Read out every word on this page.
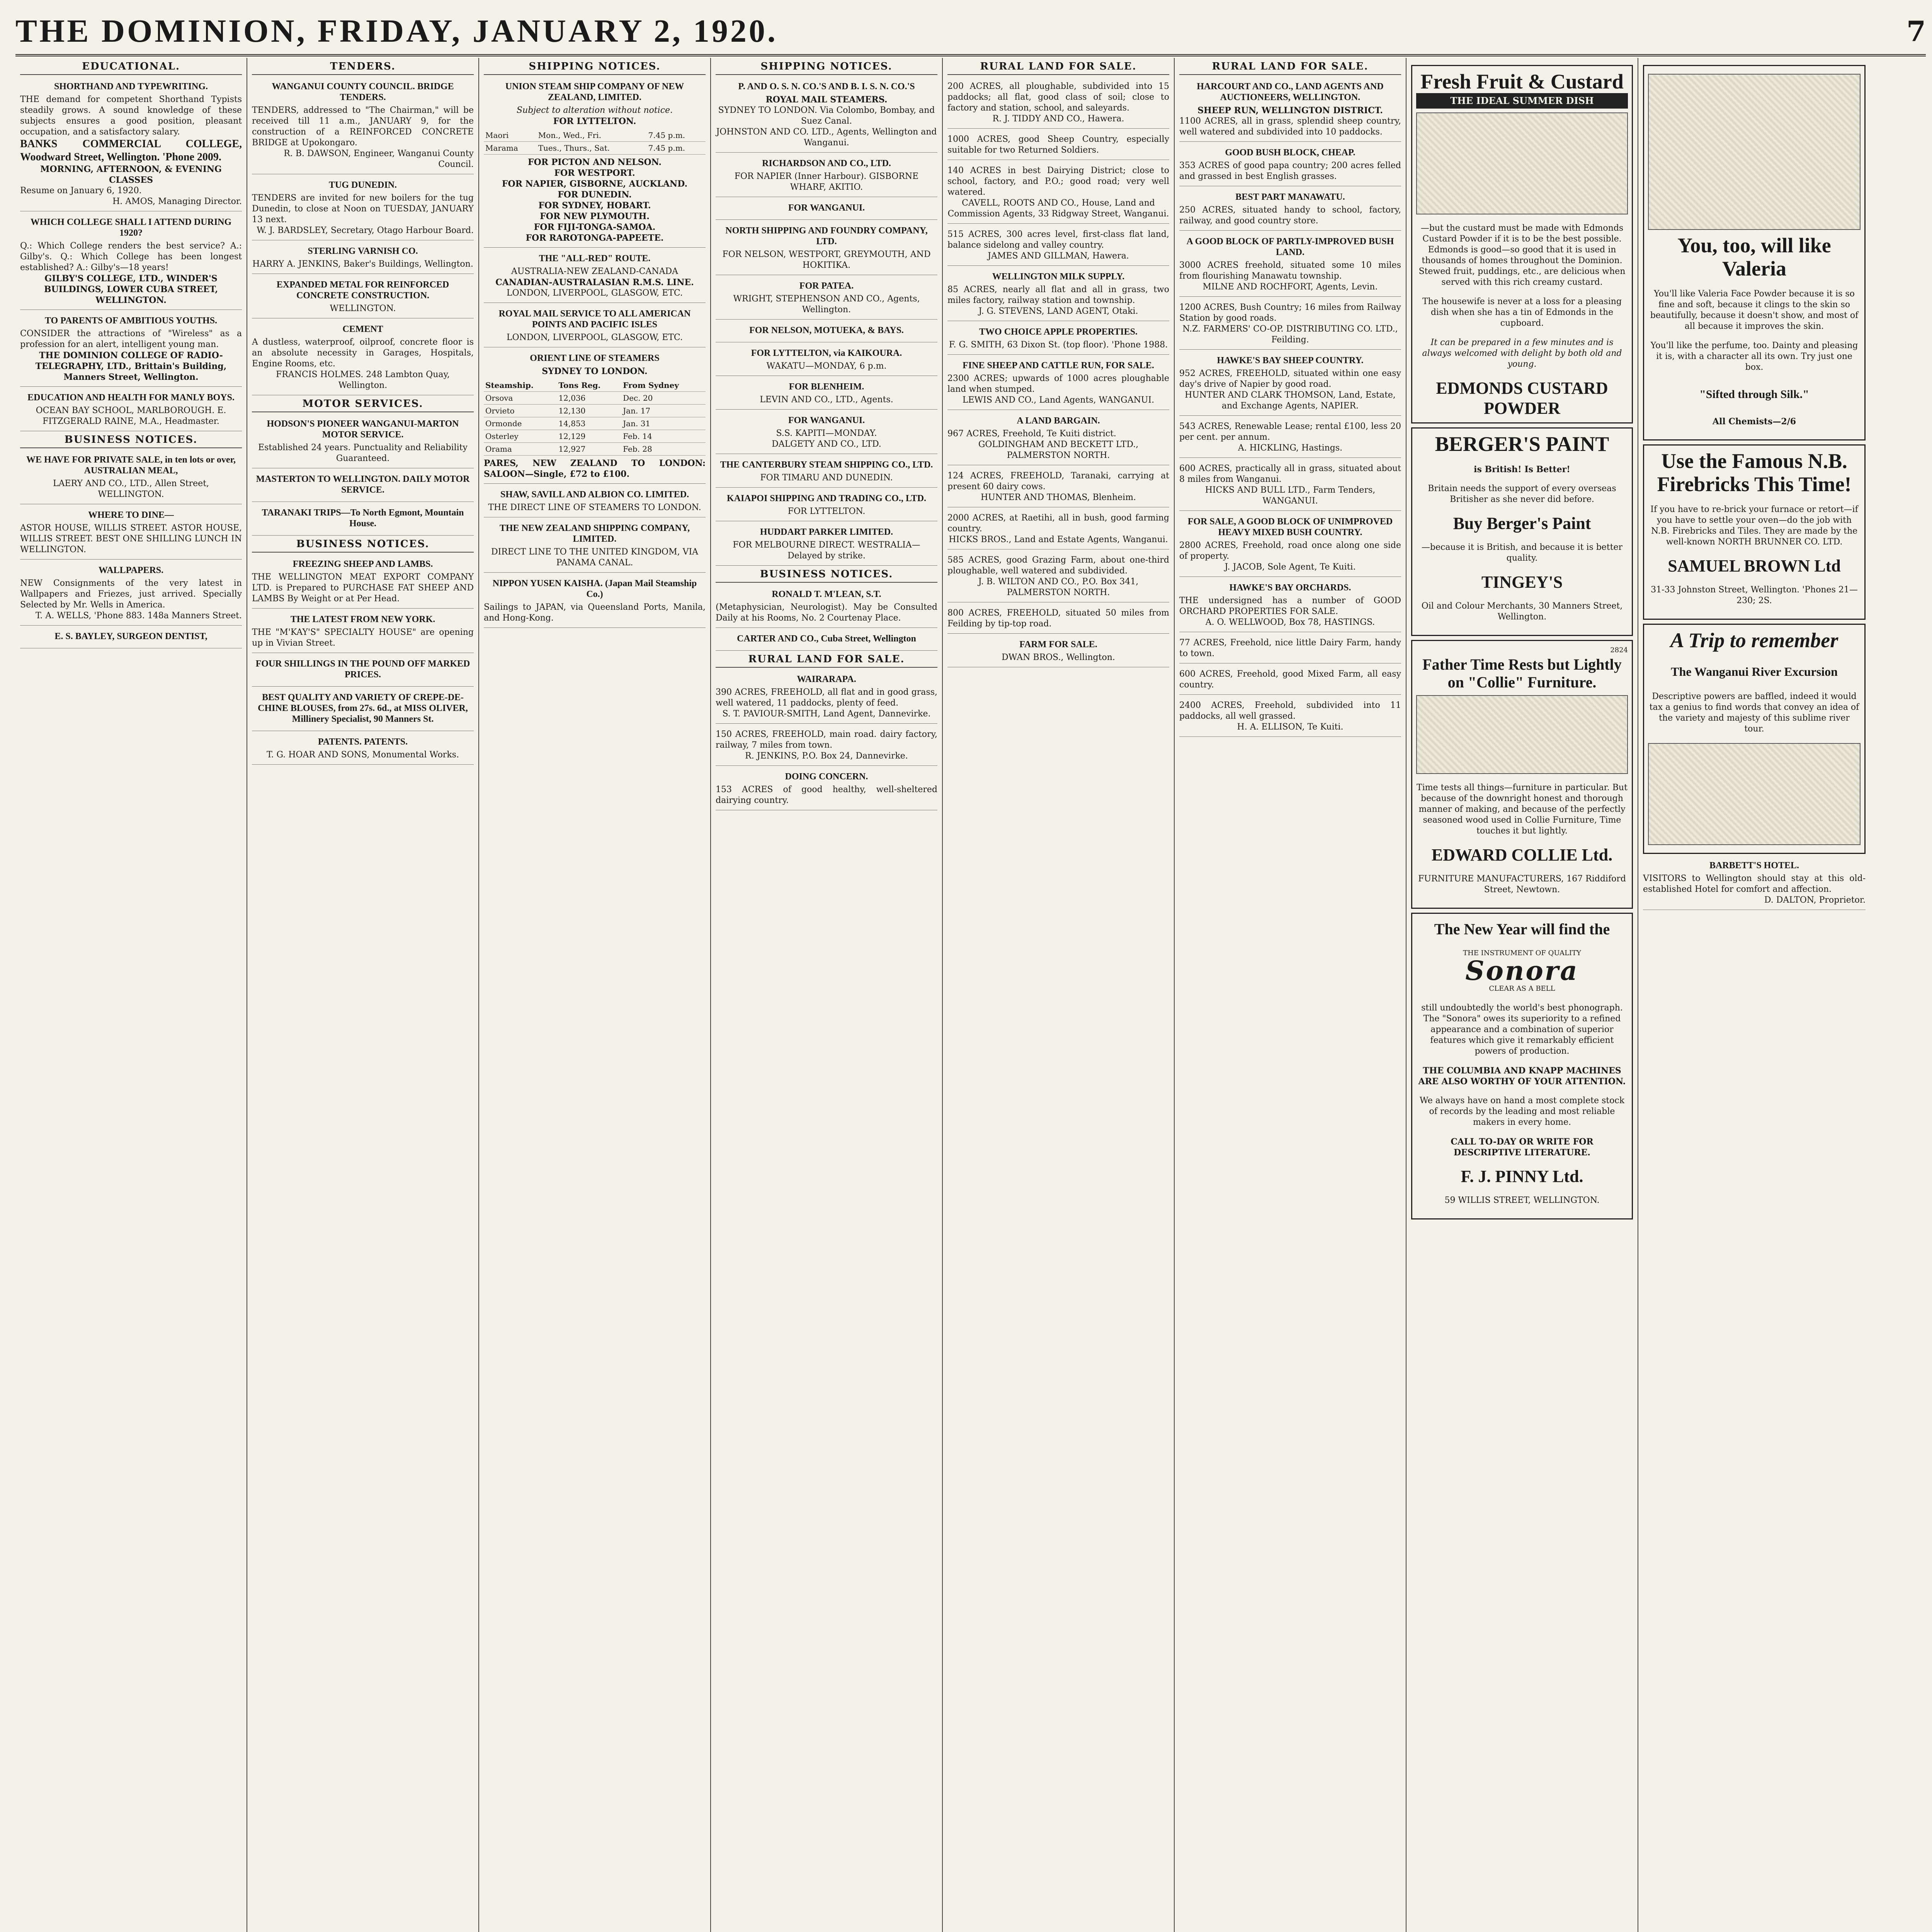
THE DOMINION, FRIDAY, JANUARY 2, 1920.	7
EDUCATIONAL.
SHORTHAND AND TYPEWRITING.

THE demand for competent Shorthand Typists steadily grows. A sound knowledge of these subjects ensures a good position, pleasant occupation, and a satisfactory salary.

BANKS COMMERCIAL COLLEGE, Woodward Street, Wellington. 'Phone 2009.

MORNING, AFTERNOON, & EVENING CLASSES

Resume on January 6, 1920.

H. AMOS, Managing Director.

WHICH COLLEGE SHALL I ATTEND DURING 1920?

Q.: Which College renders the best service? A.: Gilby's. Q.: Which College has been longest established? A.: Gilby's—18 years!

GILBY'S COLLEGE, LTD., WINDER'S BUILDINGS, LOWER CUBA STREET, WELLINGTON.

TO PARENTS OF AMBITIOUS YOUTHS.

CONSIDER the attractions of "Wireless" as a profession for an alert, intelligent young man.

THE DOMINION COLLEGE OF RADIO-TELEGRAPHY, LTD., Brittain's Building, Manners Street, Wellington.

EDUCATION AND HEALTH FOR MANLY BOYS.

OCEAN BAY SCHOOL, MARLBOROUGH. E. FITZGERALD RAINE, M.A., Headmaster.

BUSINESS NOTICES.
WE HAVE FOR PRIVATE SALE, in ten lots or over, AUSTRALIAN MEAL,

LAERY AND CO., LTD., Allen Street, WELLINGTON.

WHERE TO DINE—

ASTOR HOUSE, WILLIS STREET. ASTOR HOUSE, WILLIS STREET. BEST ONE SHILLING LUNCH IN WELLINGTON.

WALLPAPERS.

NEW Consignments of the very latest in Wallpapers and Friezes, just arrived. Specially Selected by Mr. Wells in America.

T. A. WELLS, 'Phone 883. 148a Manners Street.

E. S. BAYLEY, SURGEON DENTIST,
TENDERS.
WANGANUI COUNTY COUNCIL. BRIDGE TENDERS.

TENDERS, addressed to "The Chairman," will be received till 11 a.m., JANUARY 9, for the construction of a REINFORCED CONCRETE BRIDGE at Upokongaro.

R. B. DAWSON, Engineer, Wanganui County Council.

TUG DUNEDIN.

TENDERS are invited for new boilers for the tug Dunedin, to close at Noon on TUESDAY, JANUARY 13 next.

W. J. BARDSLEY, Secretary, Otago Harbour Board.

STERLING VARNISH CO.

HARRY A. JENKINS, Baker's Buildings, Wellington.

EXPANDED METAL FOR REINFORCED CONCRETE CONSTRUCTION.

WELLINGTON.

CEMENT

A dustless, waterproof, oilproof, concrete floor is an absolute necessity in Garages, Hospitals, Engine Rooms, etc.

FRANCIS HOLMES. 248 Lambton Quay, Wellington.

MOTOR SERVICES.
HODSON'S PIONEER WANGANUI-MARTON MOTOR SERVICE.

Established 24 years. Punctuality and Reliability Guaranteed.

MASTERTON TO WELLINGTON. DAILY MOTOR SERVICE.
TARANAKI TRIPS—To North Egmont, Mountain House.
BUSINESS NOTICES.
FREEZING SHEEP AND LAMBS.

THE WELLINGTON MEAT EXPORT COMPANY LTD. is Prepared to PURCHASE FAT SHEEP AND LAMBS By Weight or at Per Head.

THE LATEST FROM NEW YORK.

THE "M'KAY'S" SPECIALTY HOUSE" are opening up in Vivian Street.

FOUR SHILLINGS IN THE POUND OFF MARKED PRICES.
BEST QUALITY AND VARIETY OF CREPE-DE-CHINE BLOUSES, from 27s. 6d., at MISS OLIVER, Millinery Specialist, 90 Manners St.
PATENTS. PATENTS.

T. G. HOAR AND SONS, Monumental Works.

SHIPPING NOTICES.
UNION STEAM SHIP COMPANY OF NEW ZEALAND, LIMITED.

Subject to alteration without notice.

FOR LYTTELTON.

Maori	Mon., Wed., Fri.	7.45 p.m.
Marama	Tues., Thurs., Sat.	7.45 p.m.

FOR PICTON AND NELSON.

FOR WESTPORT.

FOR NAPIER, GISBORNE, AUCKLAND.

FOR DUNEDIN.

FOR SYDNEY, HOBART.

FOR NEW PLYMOUTH.

FOR FIJI-TONGA-SAMOA.

FOR RAROTONGA-PAPEETE.

THE "ALL-RED" ROUTE.

AUSTRALIA-NEW ZEALAND-CANADA

CANADIAN-AUSTRALASIAN R.M.S. LINE.

LONDON, LIVERPOOL, GLASGOW, ETC.

ROYAL MAIL SERVICE TO ALL AMERICAN POINTS AND PACIFIC ISLES

LONDON, LIVERPOOL, GLASGOW, ETC.

ORIENT LINE OF STEAMERS

SYDNEY TO LONDON.

Steamship.	Tons Reg.	From Sydney
Orsova	12,036	Dec. 20
Orvieto	12,130	Jan. 17
Ormonde	14,853	Jan. 31
Osterley	12,129	Feb. 14
Orama	12,927	Feb. 28

PARES, NEW ZEALAND TO LONDON: SALOON—Single, £72 to £100.

SHAW, SAVILL AND ALBION CO. LIMITED.

THE DIRECT LINE OF STEAMERS TO LONDON.

THE NEW ZEALAND SHIPPING COMPANY, LIMITED.

DIRECT LINE TO THE UNITED KINGDOM, VIA PANAMA CANAL.

NIPPON YUSEN KAISHA. (Japan Mail Steamship Co.)

Sailings to JAPAN, via Queensland Ports, Manila, and Hong-Kong.

SHIPPING NOTICES.
P. AND O. S. N. CO.'S AND B. I. S. N. CO.'S

ROYAL MAIL STEAMERS.

SYDNEY TO LONDON. Via Colombo, Bombay, and Suez Canal.

JOHNSTON AND CO. LTD., Agents, Wellington and Wanganui.

RICHARDSON AND CO., LTD.

FOR NAPIER (Inner Harbour). GISBORNE WHARF, AKITIO.

FOR WANGANUI.
NORTH SHIPPING AND FOUNDRY COMPANY, LTD.

FOR NELSON, WESTPORT, GREYMOUTH, AND HOKITIKA.

FOR PATEA.

WRIGHT, STEPHENSON AND CO., Agents, Wellington.

FOR NELSON, MOTUEKA, & BAYS.
FOR LYTTELTON, via KAIKOURA.

WAKATU—MONDAY, 6 p.m.

FOR BLENHEIM.

LEVIN AND CO., LTD., Agents.

FOR WANGANUI.

S.S. KAPITI—MONDAY.

DALGETY AND CO., LTD.

THE CANTERBURY STEAM SHIPPING CO., LTD.

FOR TIMARU AND DUNEDIN.

KAIAPOI SHIPPING AND TRADING CO., LTD.

FOR LYTTELTON.

HUDDART PARKER LIMITED.

FOR MELBOURNE DIRECT. WESTRALIA—Delayed by strike.

BUSINESS NOTICES.
RONALD T. M'LEAN, S.T.

(Metaphysician, Neurologist). May be Consulted Daily at his Rooms, No. 2 Courtenay Place.

CARTER AND CO., Cuba Street, Wellington
RURAL LAND FOR SALE.
WAIRARAPA.

390 ACRES, FREEHOLD, all flat and in good grass, well watered, 11 paddocks, plenty of feed.

S. T. PAVIOUR-SMITH, Land Agent, Dannevirke.

150 ACRES, FREEHOLD, main road. dairy factory, railway, 7 miles from town.

R. JENKINS, P.O. Box 24, Dannevirke.

DOING CONCERN.

153 ACRES of good healthy, well-sheltered dairying country.

RURAL LAND FOR SALE.

200 ACRES, all ploughable, subdivided into 15 paddocks; all flat, good class of soil; close to factory and station, school, and saleyards.

R. J. TIDDY AND CO., Hawera.

1000 ACRES, good Sheep Country, especially suitable for two Returned Soldiers.

140 ACRES in best Dairying District; close to school, factory, and P.O.; good road; very well watered.

CAVELL, ROOTS AND CO., House, Land and Commission Agents, 33 Ridgway Street, Wanganui.

515 ACRES, 300 acres level, first-class flat land, balance sidelong and valley country.

JAMES AND GILLMAN, Hawera.

WELLINGTON MILK SUPPLY.

85 ACRES, nearly all flat and all in grass, two miles factory, railway station and township.

J. G. STEVENS, LAND AGENT, Otaki.

TWO CHOICE APPLE PROPERTIES.

F. G. SMITH, 63 Dixon St. (top floor). 'Phone 1988.

FINE SHEEP AND CATTLE RUN, FOR SALE.

2300 ACRES; upwards of 1000 acres ploughable land when stumped.

LEWIS AND CO., Land Agents, WANGANUI.

A LAND BARGAIN.

967 ACRES, Freehold, Te Kuiti district.

GOLDINGHAM AND BECKETT LTD., PALMERSTON NORTH.

124 ACRES, FREEHOLD, Taranaki, carrying at present 60 dairy cows.

HUNTER AND THOMAS, Blenheim.

2000 ACRES, at Raetihi, all in bush, good farming country.

HICKS BROS., Land and Estate Agents, Wanganui.

585 ACRES, good Grazing Farm, about one-third ploughable, well watered and subdivided.

J. B. WILTON AND CO., P.O. Box 341, PALMERSTON NORTH.

800 ACRES, FREEHOLD, situated 50 miles from Feilding by tip-top road.

FARM FOR SALE.

DWAN BROS., Wellington.

RURAL LAND FOR SALE.
HARCOURT AND CO., LAND AGENTS AND AUCTIONEERS, WELLINGTON.

SHEEP RUN, WELLINGTON DISTRICT.

1100 ACRES, all in grass, splendid sheep country, well watered and subdivided into 10 paddocks.

GOOD BUSH BLOCK, CHEAP.

353 ACRES of good papa country; 200 acres felled and grassed in best English grasses.

BEST PART MANAWATU.

250 ACRES, situated handy to school, factory, railway, and good country store.

A GOOD BLOCK OF PARTLY-IMPROVED BUSH LAND.

3000 ACRES freehold, situated some 10 miles from flourishing Manawatu township.

MILNE AND ROCHFORT, Agents, Levin.

1200 ACRES, Bush Country; 16 miles from Railway Station by good roads.

N.Z. FARMERS' CO-OP. DISTRIBUTING CO. LTD., Feilding.

HAWKE'S BAY SHEEP COUNTRY.

952 ACRES, FREEHOLD, situated within one easy day's drive of Napier by good road.

HUNTER AND CLARK THOMSON, Land, Estate, and Exchange Agents, NAPIER.

543 ACRES, Renewable Lease; rental £100, less 20 per cent. per annum.

A. HICKLING, Hastings.

600 ACRES, practically all in grass, situated about 8 miles from Wanganui.

HICKS AND BULL LTD., Farm Tenders, WANGANUI.

FOR SALE, A GOOD BLOCK OF UNIMPROVED HEAVY MIXED BUSH COUNTRY.

2800 ACRES, Freehold, road once along one side of property.

J. JACOB, Sole Agent, Te Kuiti.

HAWKE'S BAY ORCHARDS.

THE undersigned has a number of GOOD ORCHARD PROPERTIES FOR SALE.

A. O. WELLWOOD, Box 78, HASTINGS.

77 ACRES, Freehold, nice little Dairy Farm, handy to town.

600 ACRES, Freehold, good Mixed Farm, all easy country.

2400 ACRES, Freehold, subdivided into 11 paddocks, all well grassed.

H. A. ELLISON, Te Kuiti.

Fresh Fruit & Custard
THE IDEAL SUMMER DISH

—but the custard must be made with Edmonds Custard Powder if it is to be the best possible. Edmonds is good—so good that it is used in thousands of homes throughout the Dominion. Stewed fruit, puddings, etc., are delicious when served with this rich creamy custard.

The housewife is never at a loss for a pleasing dish when she has a tin of Edmonds in the cupboard.

It can be prepared in a few minutes and is always welcomed with delight by both old and young.

EDMONDS CUSTARD POWDER
BERGER'S PAINT

is British! Is Better!

Britain needs the support of every overseas Britisher as she never did before.

Buy Berger's Paint

—because it is British, and because it is better quality.

TINGEY'S

Oil and Colour Merchants, 30 Manners Street, Wellington.

2824
Father Time Rests but Lightly on "Collie" Furniture.

Time tests all things—furniture in particular. But because of the downright honest and thorough manner of making, and because of the perfectly seasoned wood used in Collie Furniture, Time touches it but lightly.

EDWARD COLLIE Ltd.

FURNITURE MANUFACTURERS, 167 Riddiford Street, Newtown.

The New Year will find the

THE INSTRUMENT OF QUALITY

Sonora

CLEAR AS A BELL

still undoubtedly the world's best phonograph. The "Sonora" owes its superiority to a refined appearance and a combination of superior features which give it remarkably efficient powers of production.

THE COLUMBIA AND KNAPP MACHINES ARE ALSO WORTHY OF YOUR ATTENTION.

We always have on hand a most complete stock of records by the leading and most reliable makers in every home.

CALL TO-DAY OR WRITE FOR DESCRIPTIVE LITERATURE.

F. J. PINNY Ltd.

59 WILLIS STREET, WELLINGTON.

You, too, will like Valeria

You'll like Valeria Face Powder because it is so fine and soft, because it clings to the skin so beautifully, because it doesn't show, and most of all because it improves the skin.

You'll like the perfume, too. Dainty and pleasing it is, with a character all its own. Try just one box.

"Sifted through Silk."

All Chemists—2/6

Use the Famous N.B. Firebricks This Time!

If you have to re-brick your furnace or retort—if you have to settle your oven—do the job with N.B. Firebricks and Tiles. They are made by the well-known NORTH BRUNNER CO. LTD.

SAMUEL BROWN Ltd

31-33 Johnston Street, Wellington. 'Phones 21—230; 2S.

A Trip to remember

The Wanganui River Excursion

Descriptive powers are baffled, indeed it would tax a genius to find words that convey an idea of the variety and majesty of this sublime river tour.

BARBETT'S HOTEL.

VISITORS to Wellington should stay at this old-established Hotel for comfort and affection.

D. DALTON, Proprietor.
